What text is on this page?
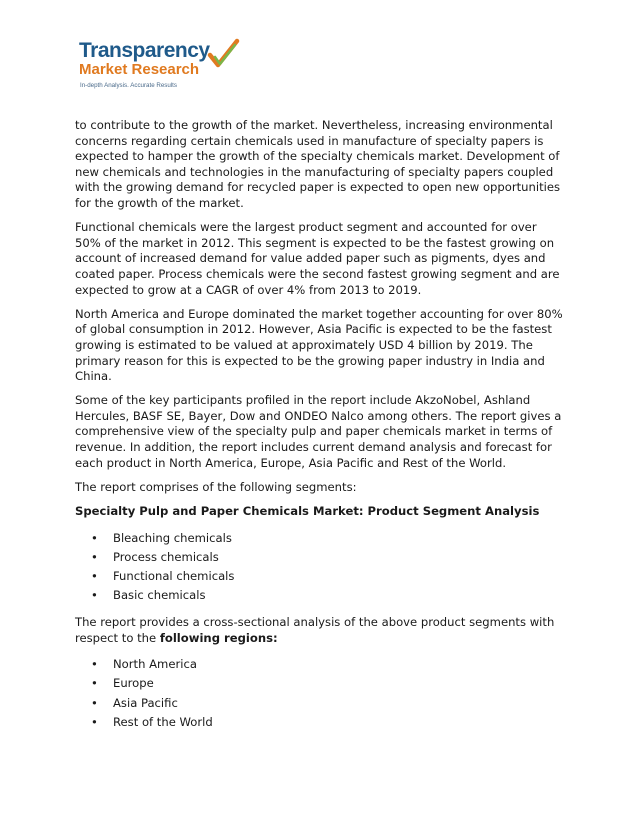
Transparency
Market Research
In-depth Analysis. Accurate Results

to contribute to the growth of the market. Nevertheless, increasing environmental concerns regarding certain chemicals used in manufacture of specialty papers is expected to hamper the growth of the specialty chemicals market. Development of new chemicals and technologies in the manufacturing of specialty papers coupled with the growing demand for recycled paper is expected to open new opportunities for the growth of the market.

Functional chemicals were the largest product segment and accounted for over 50% of the market in 2012. This segment is expected to be the fastest growing on account of increased demand for value added paper such as pigments, dyes and coated paper. Process chemicals were the second fastest growing segment and are expected to grow at a CAGR of over 4% from 2013 to 2019.

North America and Europe dominated the market together accounting for over 80% of global consumption in 2012. However, Asia Pacific is expected to be the fastest growing is estimated to be valued at approximately USD 4 billion by 2019. The primary reason for this is expected to be the growing paper industry in India and China.

Some of the key participants profiled in the report include AkzoNobel, Ashland Hercules, BASF SE, Bayer, Dow and ONDEO Nalco among others. The report gives a comprehensive view of the specialty pulp and paper chemicals market in terms of revenue. In addition, the report includes current demand analysis and forecast for each product in North America, Europe, Asia Pacific and Rest of the World.

The report comprises of the following segments:

Specialty Pulp and Paper Chemicals Market: Product Segment Analysis

• Bleaching chemicals
• Process chemicals
• Functional chemicals
• Basic chemicals

The report provides a cross-sectional analysis of the above product segments with respect to the following regions:

• North America
• Europe
• Asia Pacific
• Rest of the World
